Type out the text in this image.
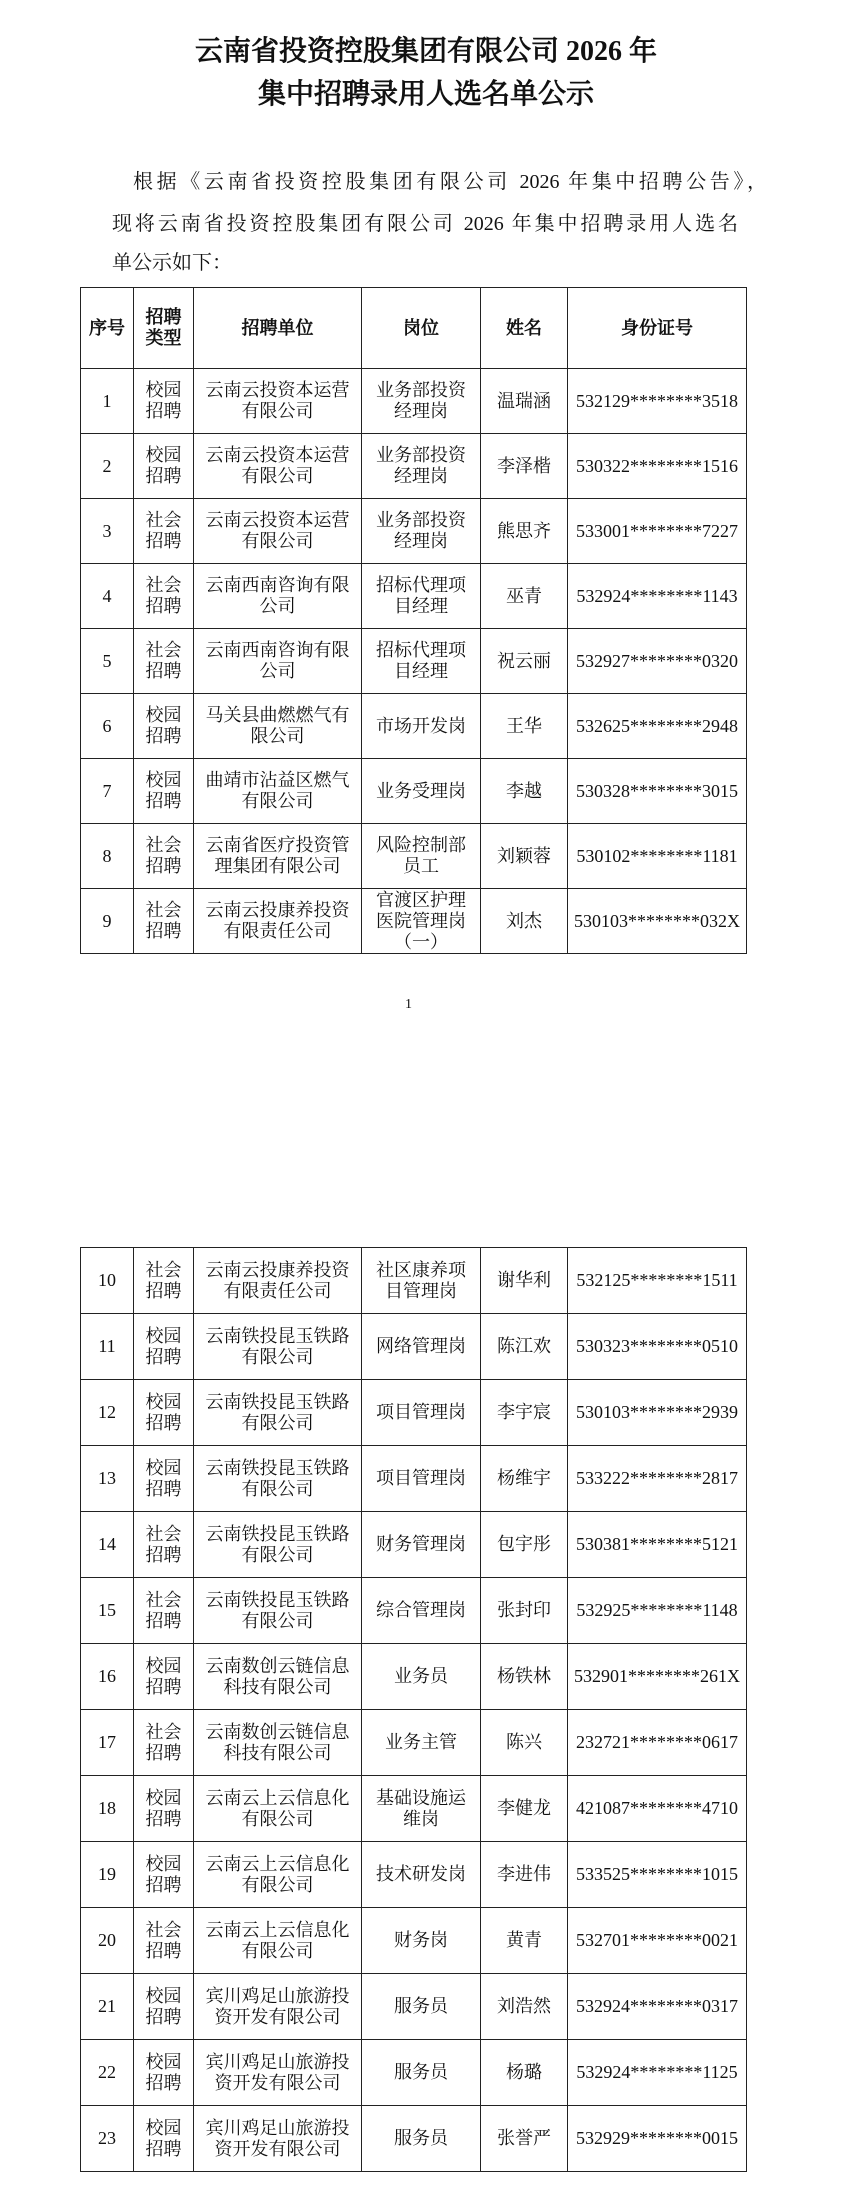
云南省投资控股集团有限公司 2026 年
集中招聘录用人选名单公示
根据《云南省投资控股集团有限公司 2026 年集中招聘公告》，
现将云南省投资控股集团有限公司 2026 年集中招聘录用人选名
单公示如下：
序号	招聘类型	招聘单位	岗位	姓名	身份证号
1	校园招聘	云南云投资本运营有限公司	业务部投资经理岗	温瑞涵	532129********3518
2	校园招聘	云南云投资本运营有限公司	业务部投资经理岗	李泽楷	530322********1516
3	社会招聘	云南云投资本运营有限公司	业务部投资经理岗	熊思齐	533001********7227
4	社会招聘	云南西南咨询有限公司	招标代理项目经理	巫青	532924********1143
5	社会招聘	云南西南咨询有限公司	招标代理项目经理	祝云丽	532927********0320
6	校园招聘	马关县曲燃燃气有限公司	市场开发岗	王华	532625********2948
7	校园招聘	曲靖市沾益区燃气有限公司	业务受理岗	李越	530328********3015
8	社会招聘	云南省医疗投资管理集团有限公司	风险控制部员工	刘颖蓉	530102********1181
9	社会招聘	云南云投康养投资有限责任公司	官渡区护理医院管理岗（一）	刘杰	530103********032X
1
10	社会招聘	云南云投康养投资有限责任公司	社区康养项目管理岗	谢华利	532125********1511
11	校园招聘	云南铁投昆玉铁路有限公司	网络管理岗	陈江欢	530323********0510
12	校园招聘	云南铁投昆玉铁路有限公司	项目管理岗	李宇宸	530103********2939
13	校园招聘	云南铁投昆玉铁路有限公司	项目管理岗	杨维宇	533222********2817
14	社会招聘	云南铁投昆玉铁路有限公司	财务管理岗	包宇彤	530381********5121
15	社会招聘	云南铁投昆玉铁路有限公司	综合管理岗	张封印	532925********1148
16	校园招聘	云南数创云链信息科技有限公司	业务员	杨铁林	532901********261X
17	社会招聘	云南数创云链信息科技有限公司	业务主管	陈兴	232721********0617
18	校园招聘	云南云上云信息化有限公司	基础设施运维岗	李健龙	421087********4710
19	校园招聘	云南云上云信息化有限公司	技术研发岗	李进伟	533525********1015
20	社会招聘	云南云上云信息化有限公司	财务岗	黄青	532701********0021
21	校园招聘	宾川鸡足山旅游投资开发有限公司	服务员	刘浩然	532924********0317
22	校园招聘	宾川鸡足山旅游投资开发有限公司	服务员	杨璐	532924********1125
23	校园招聘	宾川鸡足山旅游投资开发有限公司	服务员	张誉严	532929********0015
